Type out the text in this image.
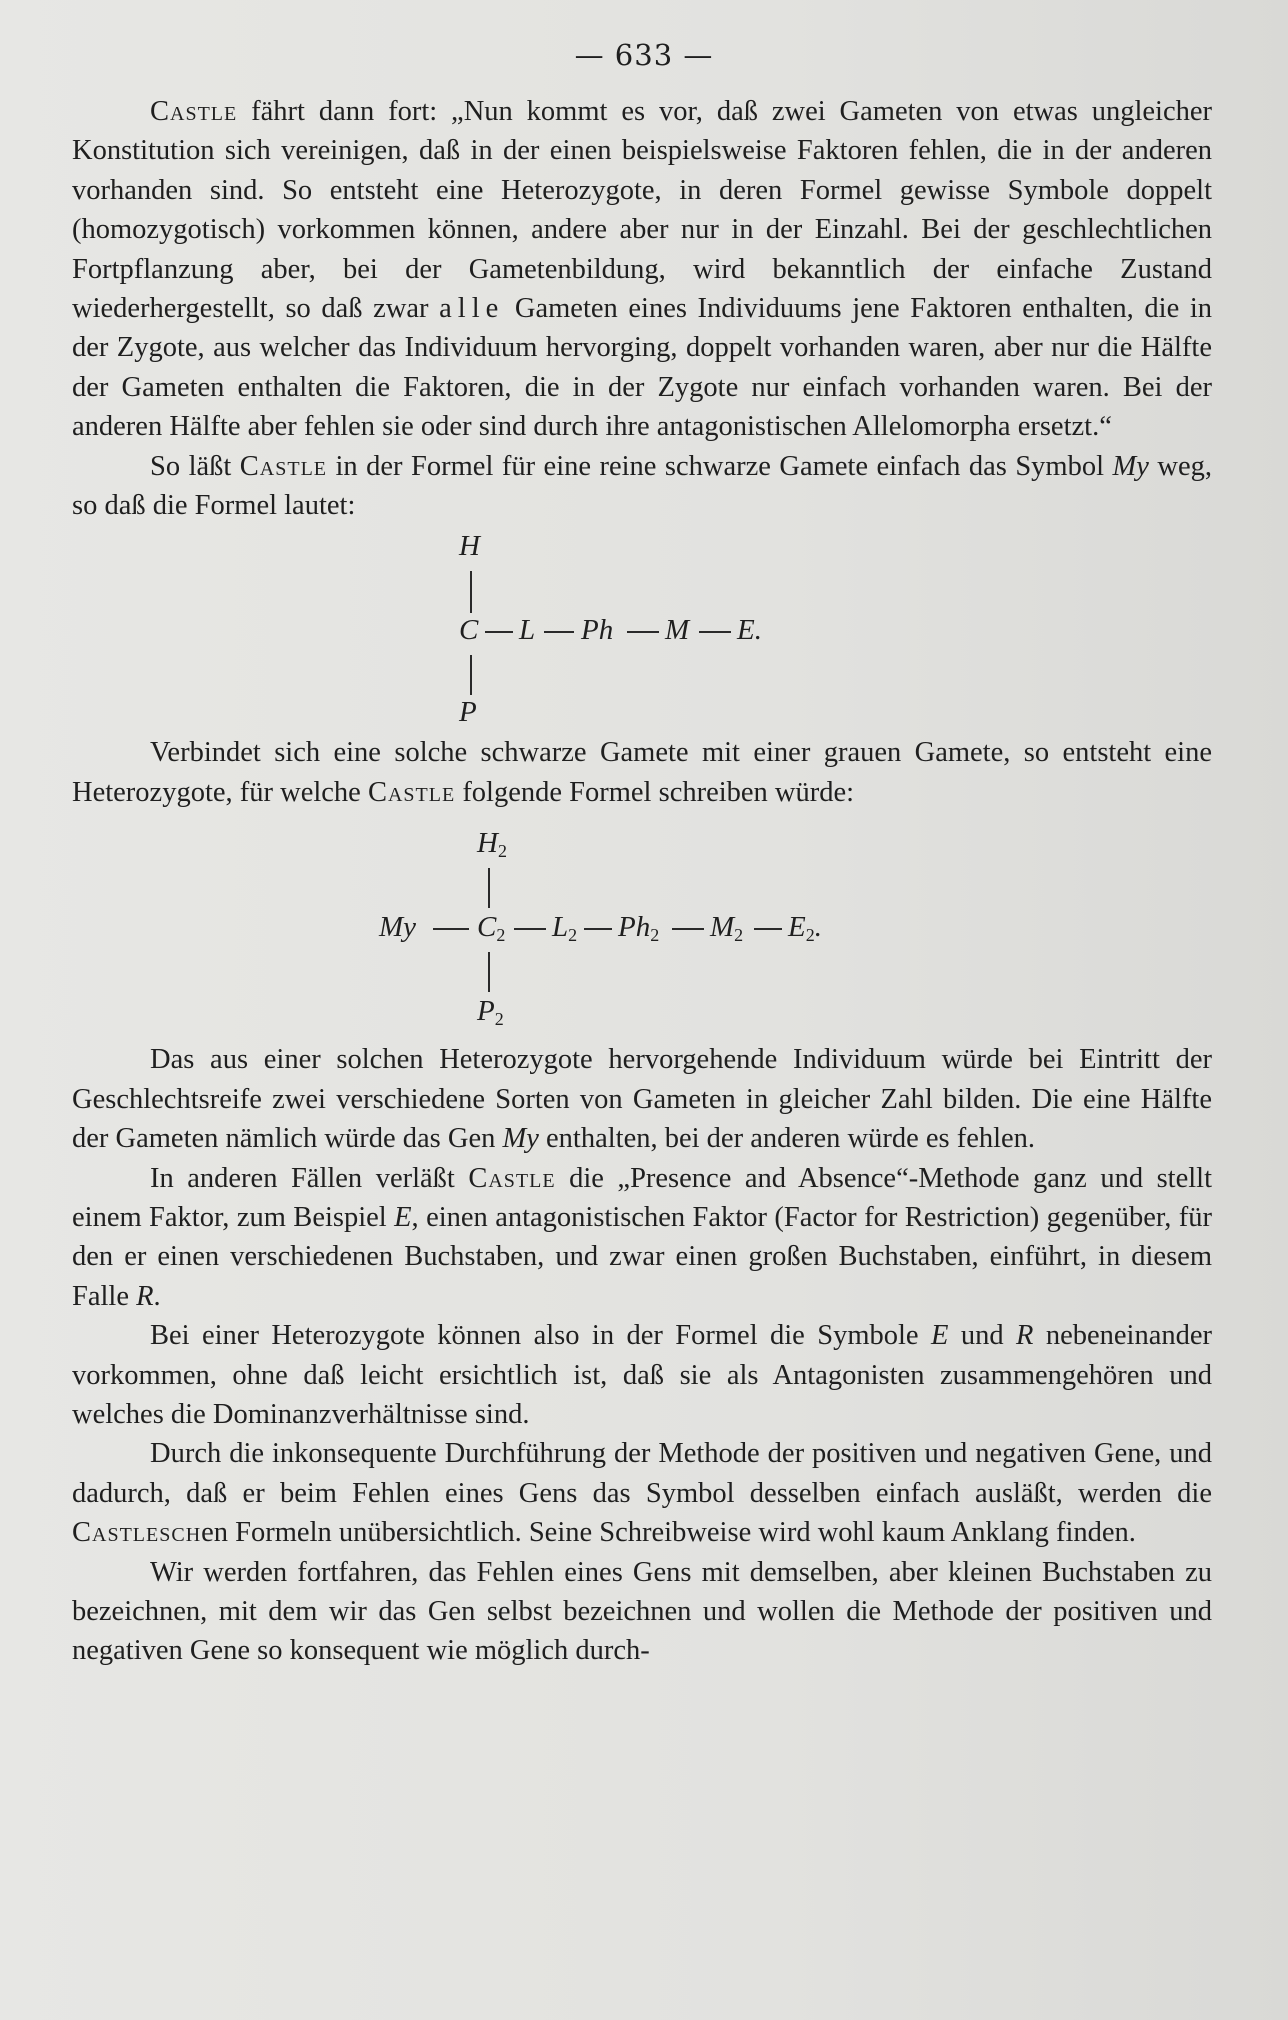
— 633 —

Castle fährt dann fort: „Nun kommt es vor, daß zwei Gameten von etwas ungleicher Konstitution sich vereinigen, daß in der einen beispielsweise Faktoren fehlen, die in der anderen vorhanden sind. So entsteht eine Heterozygote, in deren Formel gewisse Symbole doppelt (homozygotisch) vorkommen können, andere aber nur in der Einzahl. Bei der geschlechtlichen Fortpflanzung aber, bei der Gametenbildung, wird bekanntlich der einfache Zustand wiederhergestellt, so daß zwar alle Gameten eines Individuums jene Faktoren enthalten, die in der Zygote, aus welcher das Individuum hervorging, doppelt vorhanden waren, aber nur die Hälfte der Gameten enthalten die Faktoren, die in der Zygote nur einfach vorhanden waren. Bei der anderen Hälfte aber fehlen sie oder sind durch ihre antagonistischen Allelomorpha ersetzt.“

So läßt Castle in der Formel für eine reine schwarze Gamete einfach das Symbol My weg, so daß die Formel lautet:

H
C L Ph M E.
P

Verbindet sich eine solche schwarze Gamete mit einer grauen Gamete, so entsteht eine Heterozygote, für welche Castle folgende Formel schreiben würde:

$H_2$
My $C_2$ $L_2$ $Ph_2$ $M_2$ $E_2$.
$P_2$

Das aus einer solchen Heterozygote hervorgehende Individuum würde bei Eintritt der Geschlechtsreife zwei verschiedene Sorten von Gameten in gleicher Zahl bilden. Die eine Hälfte der Gameten nämlich würde das Gen My enthalten, bei der anderen würde es fehlen.

In anderen Fällen verläßt Castle die „Presence and Absence“-Methode ganz und stellt einem Faktor, zum Beispiel E, einen antagonistischen Faktor (Factor for Restriction) gegenüber, für den er einen verschiedenen Buchstaben, und zwar einen großen Buchstaben, einführt, in diesem Falle R.

Bei einer Heterozygote können also in der Formel die Symbole E und R nebeneinander vorkommen, ohne daß leicht ersichtlich ist, daß sie als Antagonisten zusammengehören und welches die Dominanzverhältnisse sind.

Durch die inkonsequente Durchführung der Methode der positiven und negativen Gene, und dadurch, daß er beim Fehlen eines Gens das Symbol desselben einfach ausläßt, werden die Castleschen Formeln unübersichtlich. Seine Schreibweise wird wohl kaum Anklang finden.

Wir werden fortfahren, das Fehlen eines Gens mit demselben, aber kleinen Buchstaben zu bezeichnen, mit dem wir das Gen selbst bezeichnen und wollen die Methode der positiven und negativen Gene so konsequent wie möglich durch-
